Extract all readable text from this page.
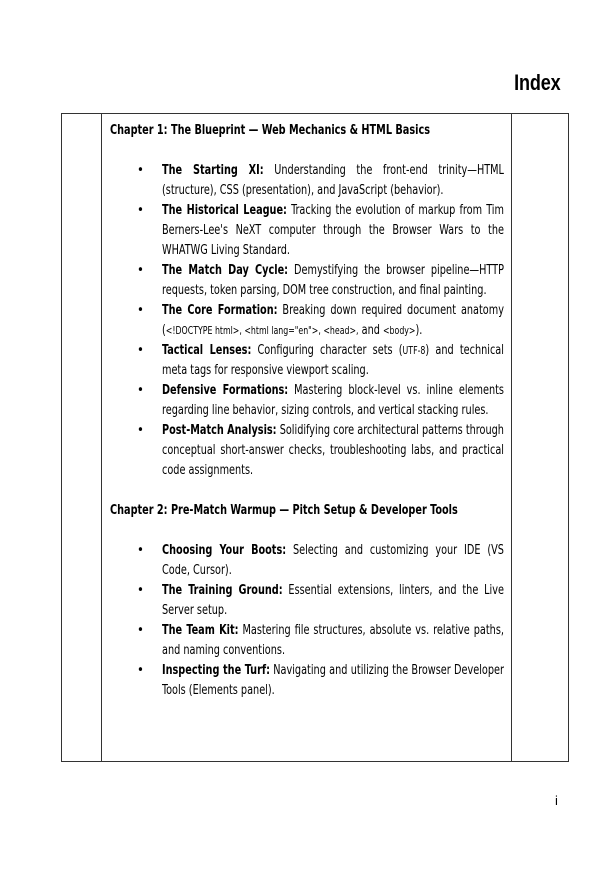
Index
Chapter 1: The Blueprint — Web Mechanics & HTML Basics
• The Starting XI: Understanding the front-end trinity—HTML (structure), CSS (presentation), and JavaScript (behavior).
• The Historical League: Tracking the evolution of markup from Tim Berners-Lee's NeXT computer through the Browser Wars to the WHATWG Living Standard.
• The Match Day Cycle: Demystifying the browser pipeline—HTTP requests, token parsing, DOM tree construction, and final painting.
• The Core Formation: Breaking down required document anatomy (<!DOCTYPE html>, <html lang="en">, <head>, and <body>).
• Tactical Lenses: Configuring character sets (UTF-8) and technical meta tags for responsive viewport scaling.
• Defensive Formations: Mastering block-level vs. inline elements regarding line behavior, sizing controls, and vertical stacking rules.
• Post-Match Analysis: Solidifying core architectural patterns through conceptual short-answer checks, troubleshooting labs, and practical code assignments.
Chapter 2: Pre-Match Warmup — Pitch Setup & Developer Tools
• Choosing Your Boots: Selecting and customizing your IDE (VS Code, Cursor).
• The Training Ground: Essential extensions, linters, and the Live Server setup.
• The Team Kit: Mastering file structures, absolute vs. relative paths, and naming conventions.
• Inspecting the Turf: Navigating and utilizing the Browser Developer Tools (Elements panel).
i
